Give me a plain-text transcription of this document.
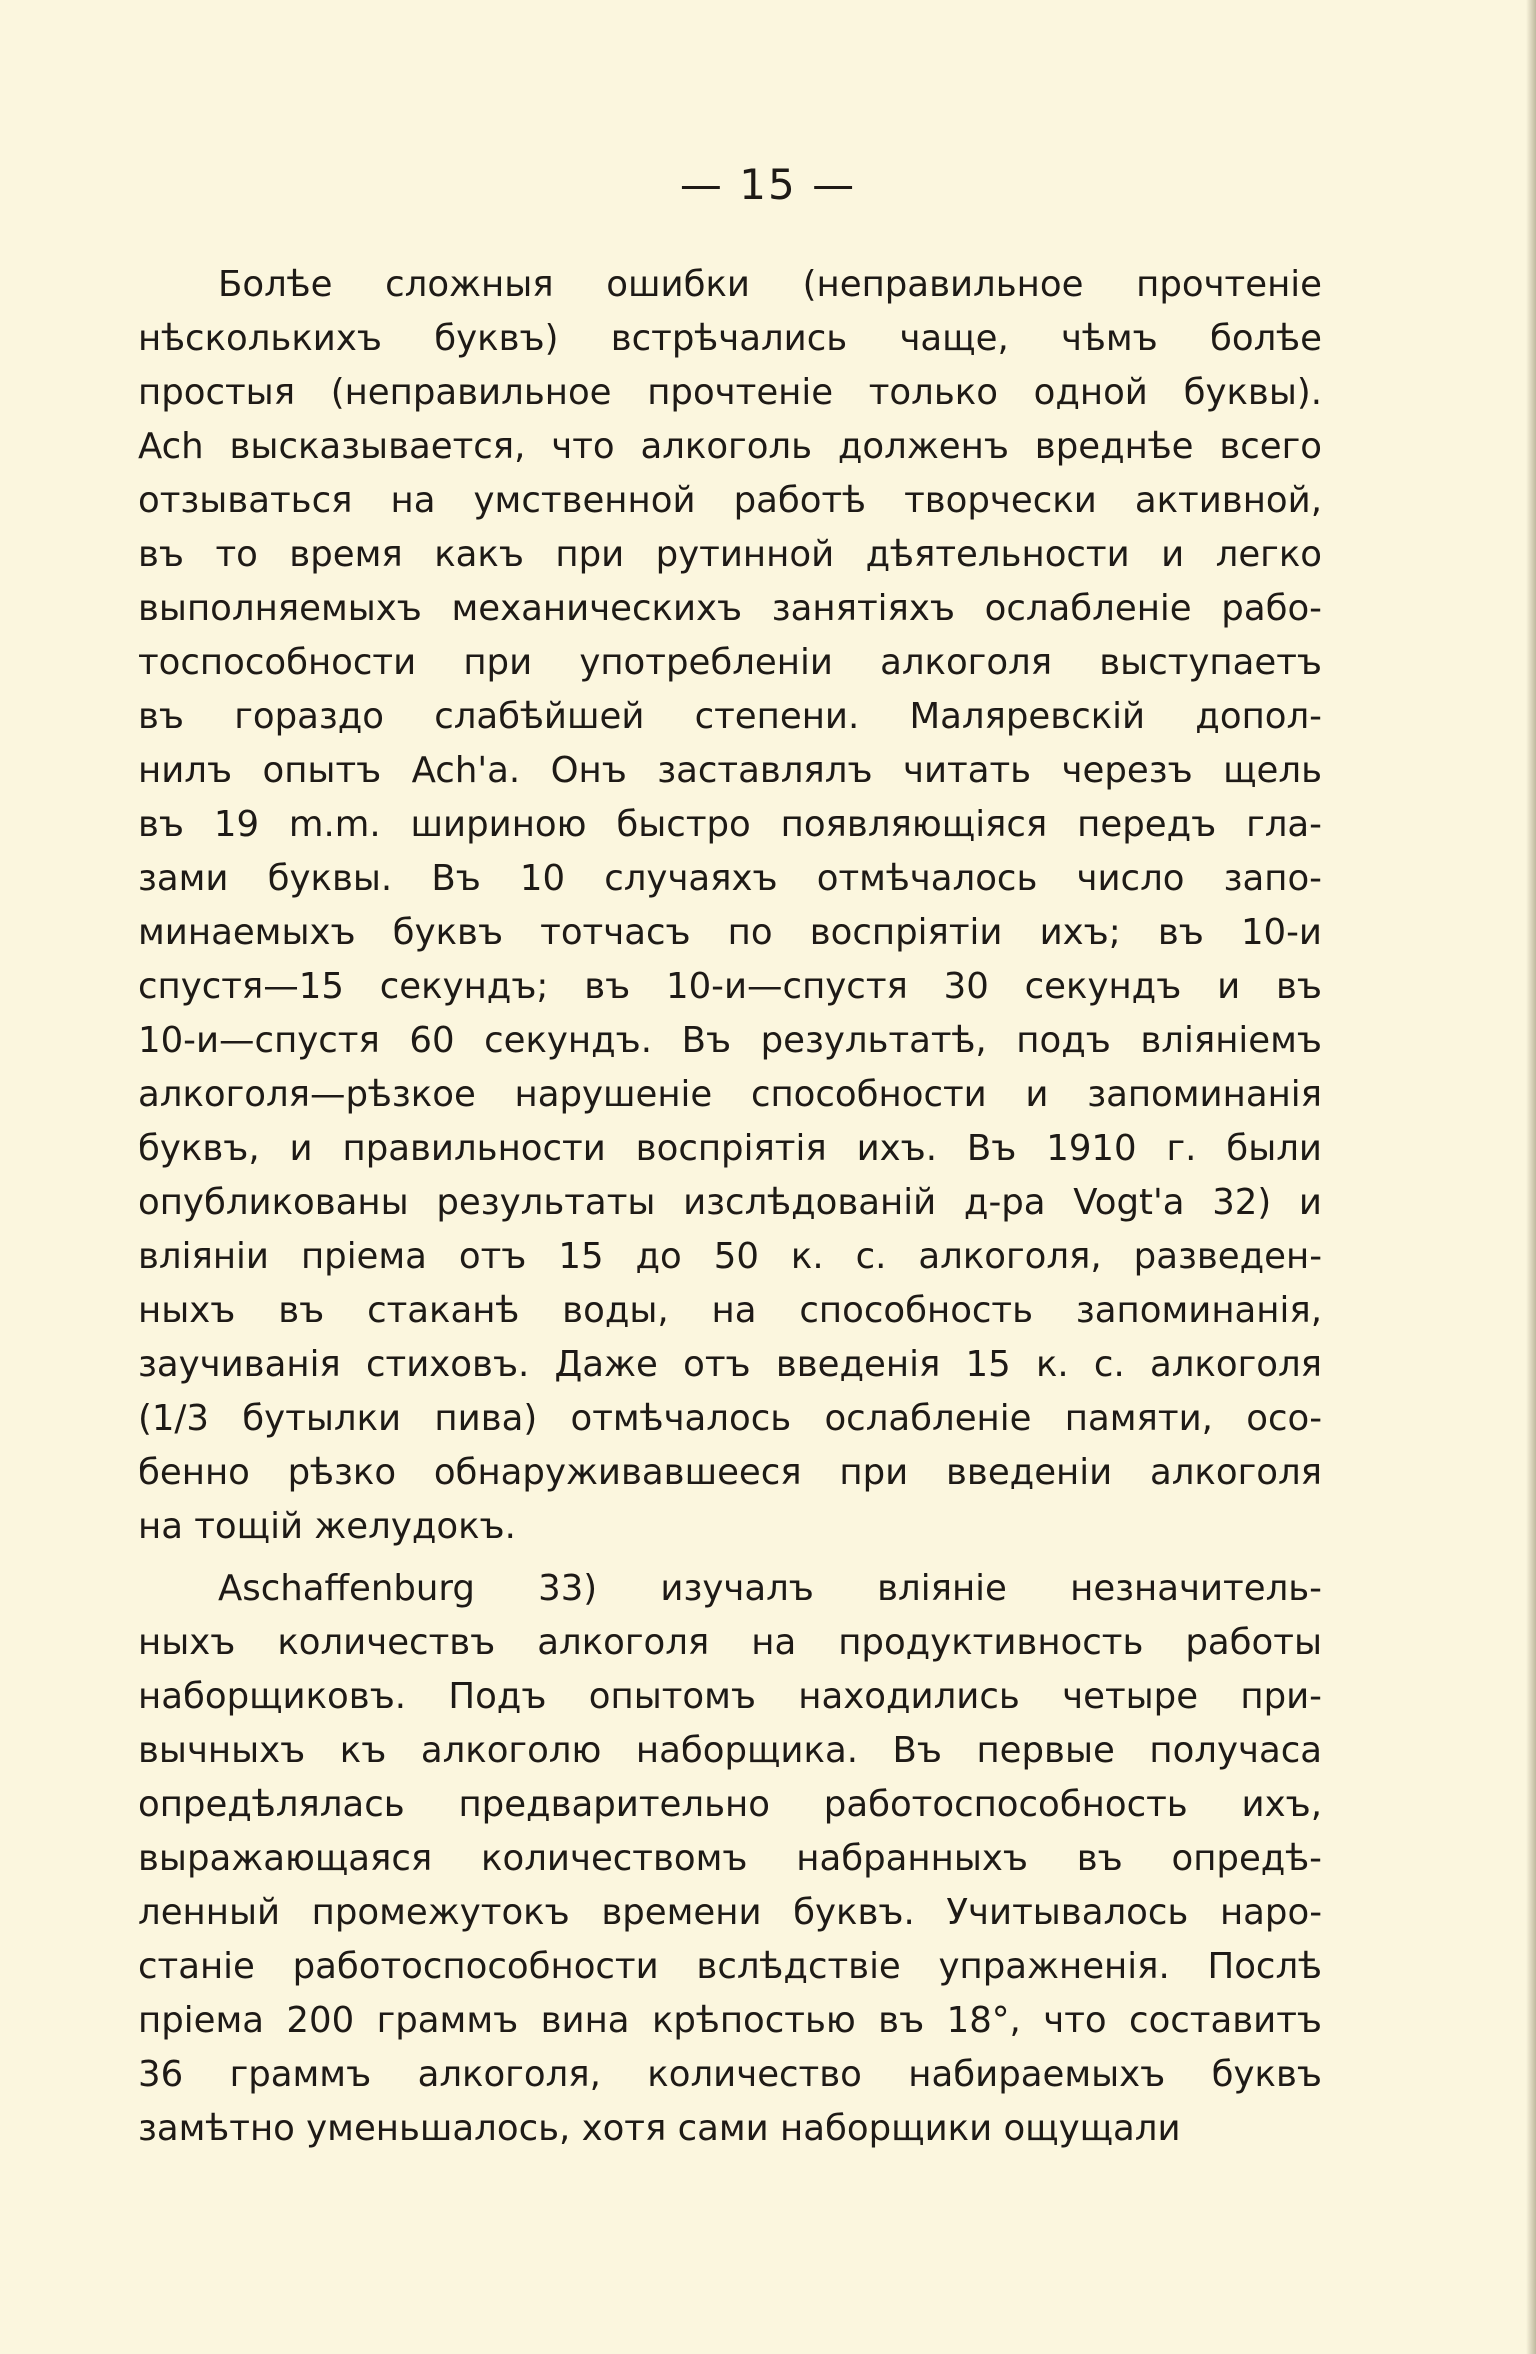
— 15 —
Болѣе сложныя ошибки (неправильное прочтеніе
нѣсколькихъ буквъ) встрѣчались чаще, чѣмъ болѣе
простыя (неправильное прочтеніе только одной буквы).
Ach высказывается, что алкоголь долженъ вреднѣе всего
отзываться на умственной работѣ творчески активной,
въ то время какъ при рутинной дѣятельности и легко
выполняемыхъ механическихъ занятіяхъ ослабленіе рабо-
тоспособности при употребленіи алкоголя выступаетъ
въ гораздо слабѣйшей степени. Маляревскій допол-
нилъ опытъ Ach'а. Онъ заставлялъ читать черезъ щель
въ 19 m.m. шириною быстро появляющіяся передъ гла-
зами буквы. Въ 10 случаяхъ отмѣчалось число запо-
минаемыхъ буквъ тотчасъ по воспріятіи ихъ; въ 10-и
спустя—15 секундъ; въ 10-и—спустя 30 секундъ и въ
10-и—спустя 60 секундъ. Въ результатѣ, подъ вліяніемъ
алкоголя—рѣзкое нарушеніе способности и запоминанія
буквъ, и правильности воспріятія ихъ. Въ 1910 г. были
опубликованы результаты изслѣдованій д-ра Vogt'а 32) и
вліяніи пріема отъ 15 до 50 к. с. алкоголя, разведен-
ныхъ въ стаканѣ воды, на способность запоминанія,
заучиванія стиховъ. Даже отъ введенія 15 к. с. алкоголя
(1/3 бутылки пива) отмѣчалось ослабленіе памяти, осо-
бенно рѣзко обнаруживавшееся при введеніи алкоголя
на тощій желудокъ.
Aschaffenburg 33) изучалъ вліяніе незначитель-
ныхъ количествъ алкоголя на продуктивность работы
наборщиковъ. Подъ опытомъ находились четыре при-
вычныхъ къ алкоголю наборщика. Въ первые получаса
опредѣлялась предварительно работоспособность ихъ,
выражающаяся количествомъ набранныхъ въ опредѣ-
ленный промежутокъ времени буквъ. Учитывалось наро-
станіе работоспособности вслѣдствіе упражненія. Послѣ
пріема 200 граммъ вина крѣпостью въ 18°, что составитъ
36 граммъ алкоголя, количество набираемыхъ буквъ
замѣтно уменьшалось, хотя сами наборщики ощущали
